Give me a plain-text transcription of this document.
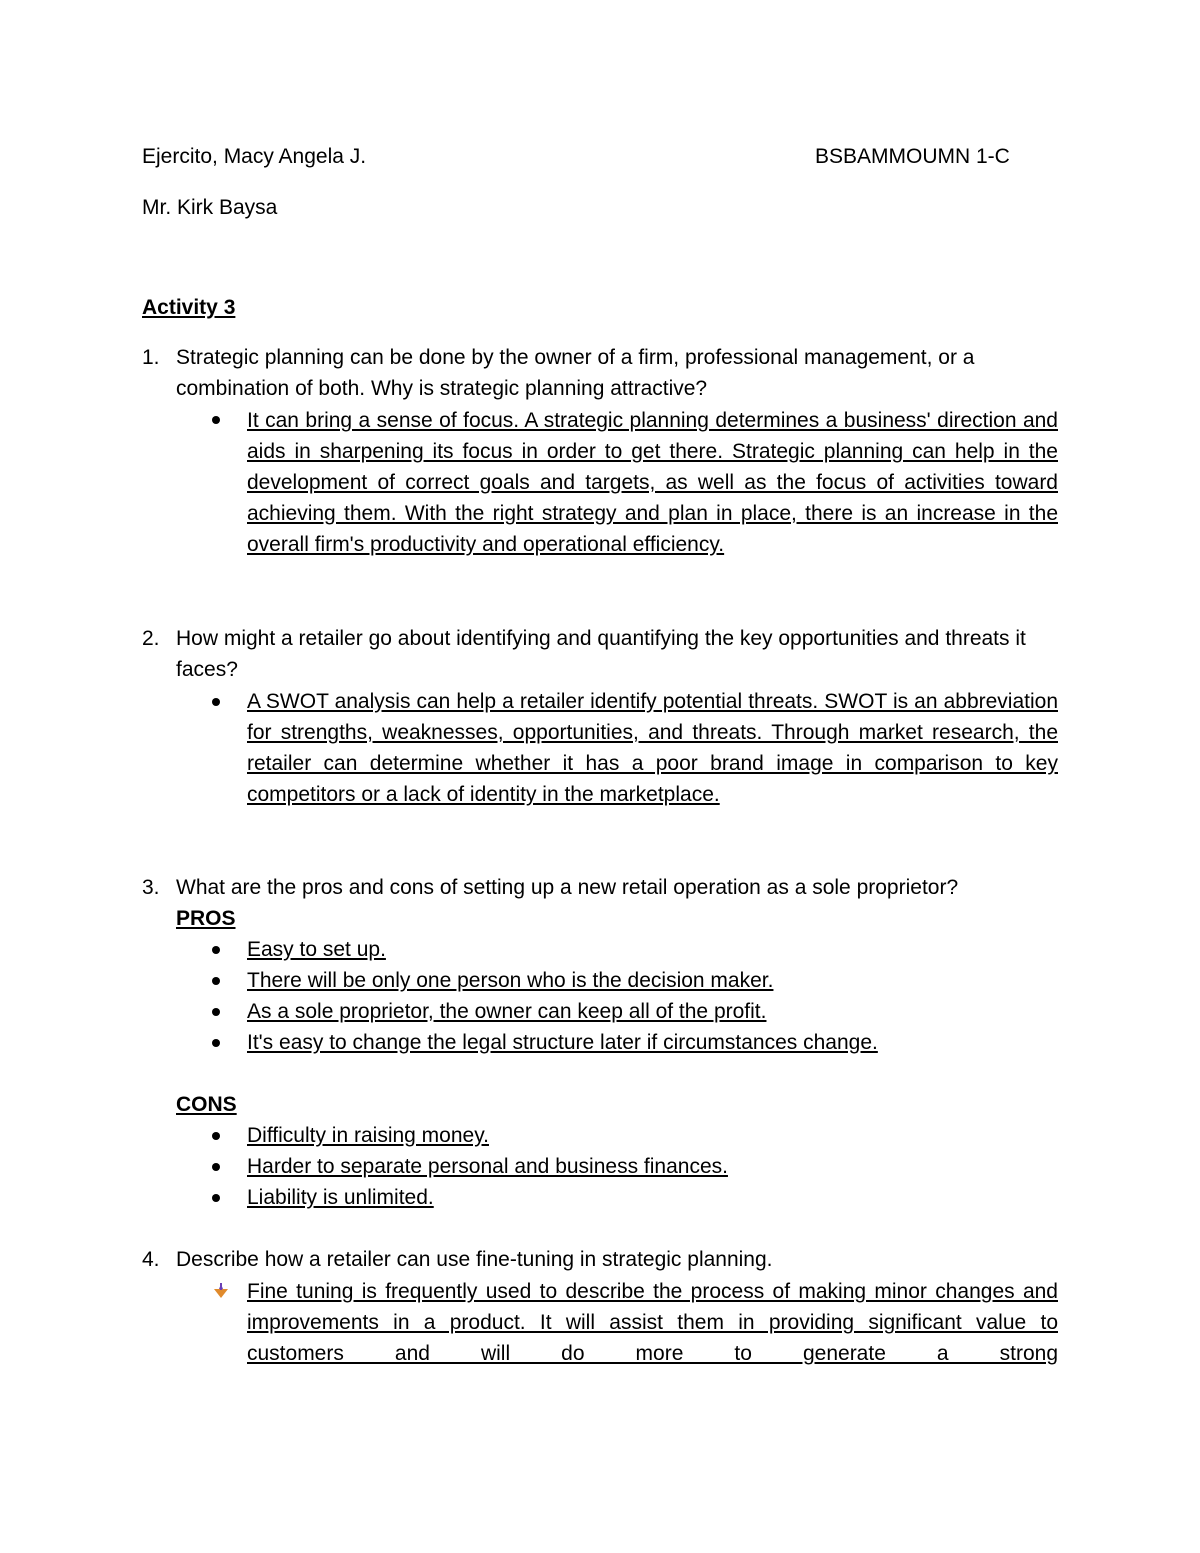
Ejercito, Macy Angela J.	BSBAMMOUMN 1-C
Mr. Kirk Baysa
Activity 3
1. Strategic planning can be done by the owner of a firm, professional management, or a combination of both. Why is strategic planning attractive?
It can bring a sense of focus. A strategic planning determines a business' direction and aids in sharpening its focus in order to get there. Strategic planning can help in the development of correct goals and targets, as well as the focus of activities toward achieving them. With the right strategy and plan in place, there is an increase in the overall firm's productivity and operational efficiency.
2. How might a retailer go about identifying and quantifying the key opportunities and threats it faces?
A SWOT analysis can help a retailer identify potential threats. SWOT is an abbreviation for strengths, weaknesses, opportunities, and threats. Through market research, the retailer can determine whether it has a poor brand image in comparison to key competitors or a lack of identity in the marketplace.
3. What are the pros and cons of setting up a new retail operation as a sole proprietor?
PROS
Easy to set up.
There will be only one person who is the decision maker.
As a sole proprietor, the owner can keep all of the profit.
It's easy to change the legal structure later if circumstances change.
CONS
Difficulty in raising money.
Harder to separate personal and business finances.
Liability is unlimited.
4. Describe how a retailer can use fine-tuning in strategic planning.
Fine tuning is frequently used to describe the process of making minor changes and improvements in a product. It will assist them in providing significant value to customers and will do more to generate a strong
